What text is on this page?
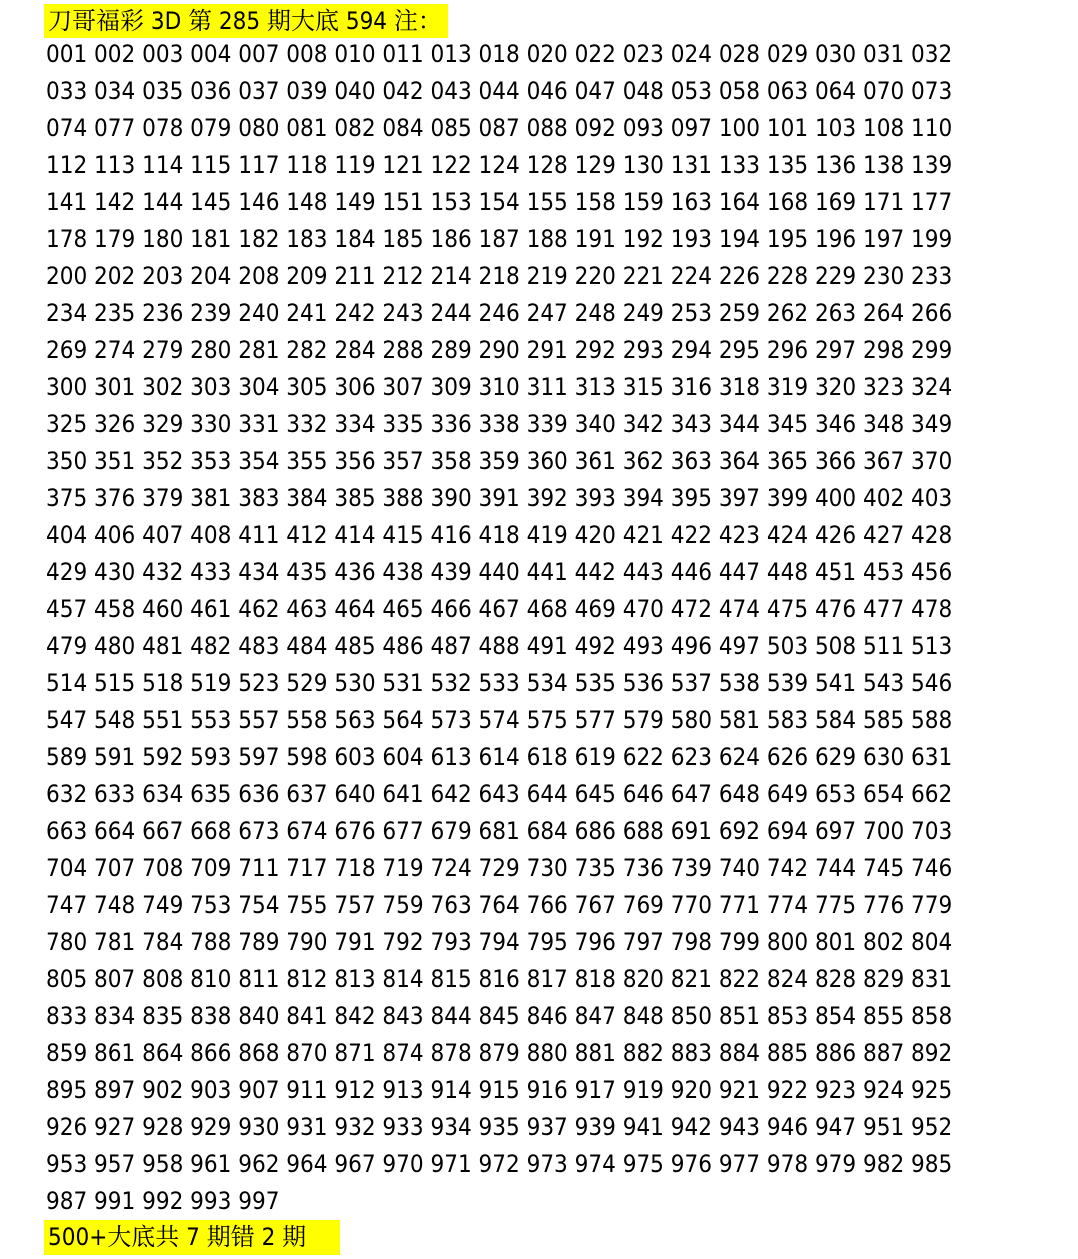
刀哥福彩 3D 第 285 期大底 594 注：
001 002 003 004 007 008 010 011 013 018 020 022 023 024 028 029 030 031 032
033 034 035 036 037 039 040 042 043 044 046 047 048 053 058 063 064 070 073
074 077 078 079 080 081 082 084 085 087 088 092 093 097 100 101 103 108 110
112 113 114 115 117 118 119 121 122 124 128 129 130 131 133 135 136 138 139
141 142 144 145 146 148 149 151 153 154 155 158 159 163 164 168 169 171 177
178 179 180 181 182 183 184 185 186 187 188 191 192 193 194 195 196 197 199
200 202 203 204 208 209 211 212 214 218 219 220 221 224 226 228 229 230 233
234 235 236 239 240 241 242 243 244 246 247 248 249 253 259 262 263 264 266
269 274 279 280 281 282 284 288 289 290 291 292 293 294 295 296 297 298 299
300 301 302 303 304 305 306 307 309 310 311 313 315 316 318 319 320 323 324
325 326 329 330 331 332 334 335 336 338 339 340 342 343 344 345 346 348 349
350 351 352 353 354 355 356 357 358 359 360 361 362 363 364 365 366 367 370
375 376 379 381 383 384 385 388 390 391 392 393 394 395 397 399 400 402 403
404 406 407 408 411 412 414 415 416 418 419 420 421 422 423 424 426 427 428
429 430 432 433 434 435 436 438 439 440 441 442 443 446 447 448 451 453 456
457 458 460 461 462 463 464 465 466 467 468 469 470 472 474 475 476 477 478
479 480 481 482 483 484 485 486 487 488 491 492 493 496 497 503 508 511 513
514 515 518 519 523 529 530 531 532 533 534 535 536 537 538 539 541 543 546
547 548 551 553 557 558 563 564 573 574 575 577 579 580 581 583 584 585 588
589 591 592 593 597 598 603 604 613 614 618 619 622 623 624 626 629 630 631
632 633 634 635 636 637 640 641 642 643 644 645 646 647 648 649 653 654 662
663 664 667 668 673 674 676 677 679 681 684 686 688 691 692 694 697 700 703
704 707 708 709 711 717 718 719 724 729 730 735 736 739 740 742 744 745 746
747 748 749 753 754 755 757 759 763 764 766 767 769 770 771 774 775 776 779
780 781 784 788 789 790 791 792 793 794 795 796 797 798 799 800 801 802 804
805 807 808 810 811 812 813 814 815 816 817 818 820 821 822 824 828 829 831
833 834 835 838 840 841 842 843 844 845 846 847 848 850 851 853 854 855 858
859 861 864 866 868 870 871 874 878 879 880 881 882 883 884 885 886 887 892
895 897 902 903 907 911 912 913 914 915 916 917 919 920 921 922 923 924 925
926 927 928 929 930 931 932 933 934 935 937 939 941 942 943 946 947 951 952
953 957 958 961 962 964 967 970 971 972 973 974 975 976 977 978 979 982 985
987 991 992 993 997
500+大底共 7 期错 2 期
